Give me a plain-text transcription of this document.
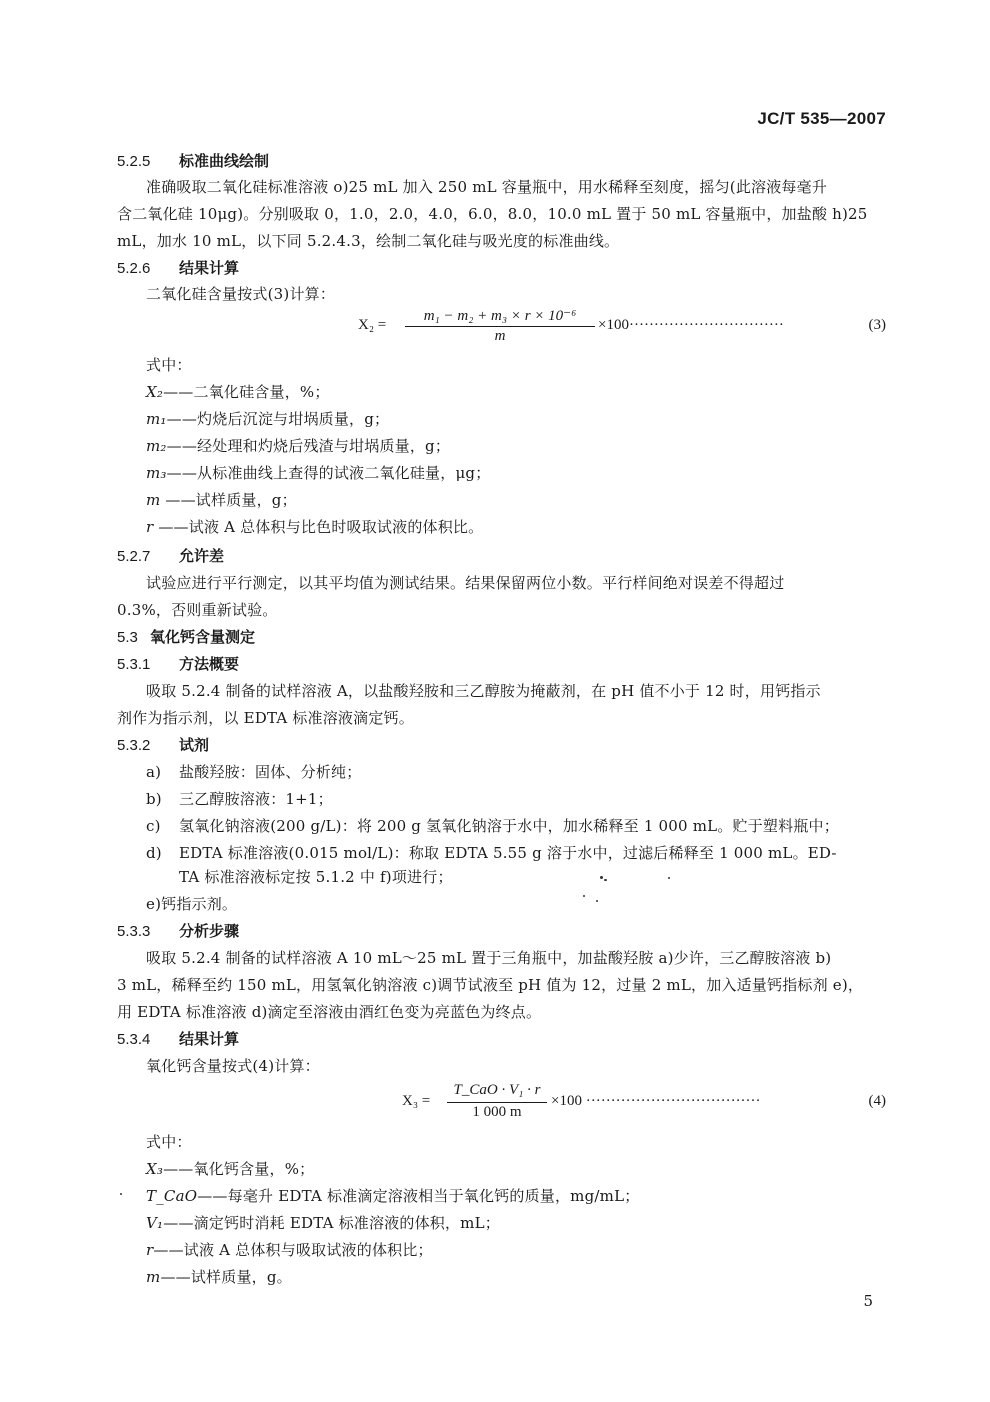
JC/T 535—2007
5.2.5 标准曲线绘制
准确吸取二氧化硅标准溶液 o)25 mL 加入 250 mL 容量瓶中，用水稀释至刻度，摇匀(此溶液每毫升
含二氧化硅 10μg)。分别吸取 0，1.0，2.0，4.0，6.0，8.0，10.0 mL 置于 50 mL 容量瓶中，加盐酸 h)25
mL，加水 10 mL，以下同 5.2.4.3，绘制二氧化硅与吸光度的标准曲线。
5.2.6 结果计算
二氧化硅含量按式(3)计算：
X₂ =
m₁ − m₂ + m₃ × r × 10⁻⁶
m
×100·······························	(3)
式中：
X₂——二氧化硅含量，%；
m₁——灼烧后沉淀与坩埚质量，g；
m₂——经处理和灼烧后残渣与坩埚质量，g；
m₃——从标准曲线上查得的试液二氧化硅量，μg；
m ——试样质量，g；
r ——试液 A 总体积与比色时吸取试液的体积比。
5.2.7 允许差
试验应进行平行测定，以其平均值为测试结果。结果保留两位小数。平行样间绝对误差不得超过
0.3%，否则重新试验。
5.3 氧化钙含量测定
5.3.1 方法概要
吸取 5.2.4 制备的试样溶液 A，以盐酸羟胺和三乙醇胺为掩蔽剂，在 pH 值不小于 12 时，用钙指示
剂作为指示剂，以 EDTA 标准溶液滴定钙。
5.3.2 试剂
a) 盐酸羟胺：固体、分析纯；
b) 三乙醇胺溶液：1+1；
c) 氢氧化钠溶液(200 g/L)：将 200 g 氢氧化钠溶于水中，加水稀释至 1 000 mL。贮于塑料瓶中；
d) EDTA 标准溶液(0.015 mol/L)：称取 EDTA 5.55 g 溶于水中，过滤后稀释至 1 000 mL。ED-
TA 标准溶液标定按 5.1.2 中 f)项进行；
e)钙指示剂。
5.3.3 分析步骤
吸取 5.2.4 制备的试样溶液 A 10 mL～25 mL 置于三角瓶中，加盐酸羟胺 a)少许，三乙醇胺溶液 b)
3 mL，稀释至约 150 mL，用氢氧化钠溶液 c)调节试液至 pH 值为 12，过量 2 mL，加入适量钙指标剂 e)，
用 EDTA 标准溶液 d)滴定至溶液由酒红色变为亮蓝色为终点。
5.3.4 结果计算
氧化钙含量按式(4)计算：
X₃ =
T_CaO · V₁ · r
1 000 m
×100 ···································	(4)
式中：
X₃——氧化钙含量，%；
T_CaO——每毫升 EDTA 标准滴定溶液相当于氧化钙的质量，mg/mL；
V₁——滴定钙时消耗 EDTA 标准溶液的体积，mL；
r——试液 A 总体积与吸取试液的体积比；
m——试样质量，g。
5
